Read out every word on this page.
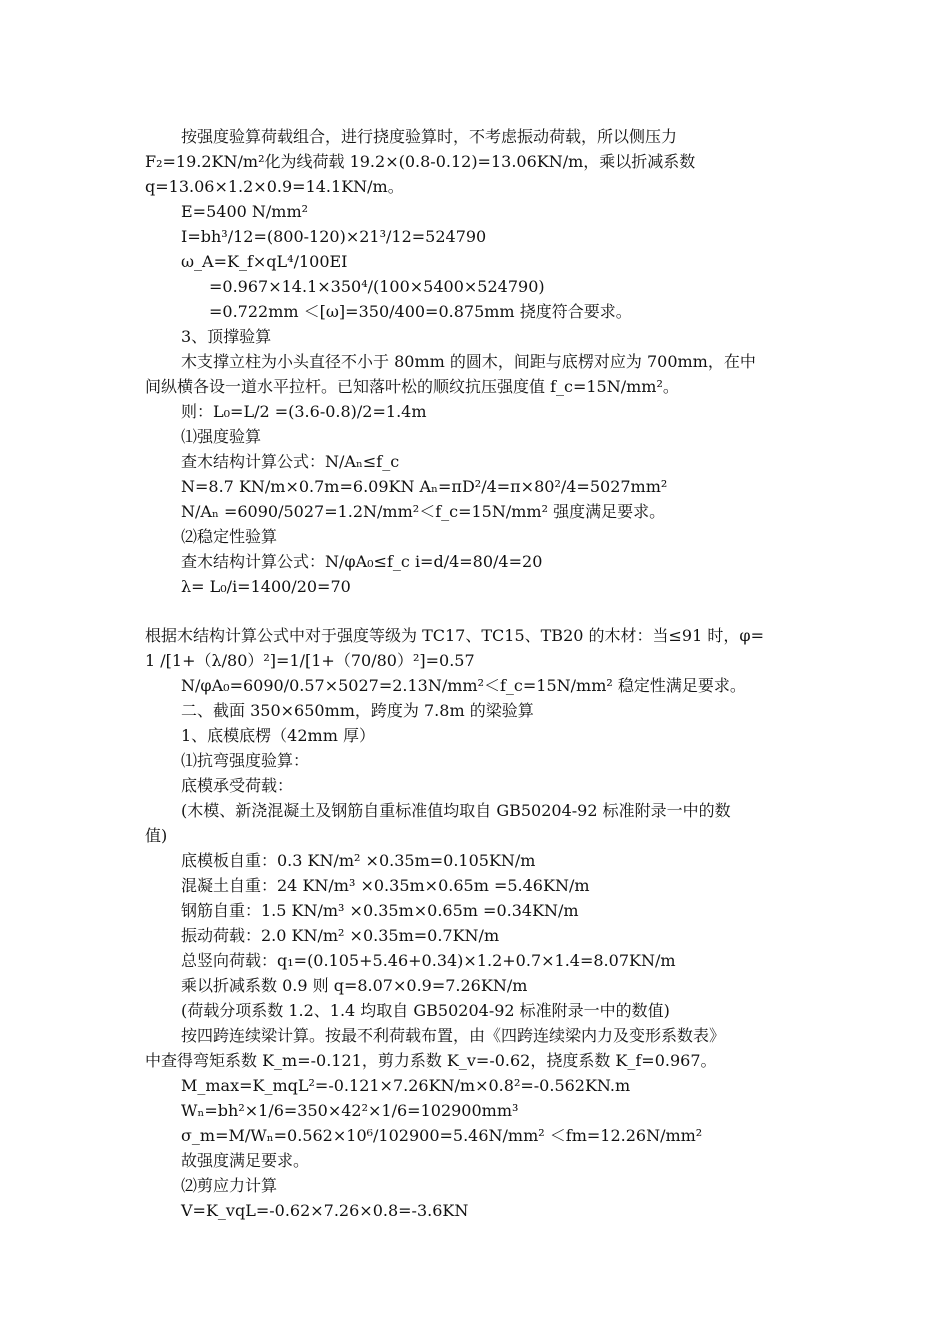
按强度验算荷载组合，进行挠度验算时，不考虑振动荷载，所以侧压力
F₂=19.2KN/m²化为线荷载 19.2×(0.8-0.12)=13.06KN/m，乘以折减系数
q=13.06×1.2×0.9=14.1KN/m。
E=5400 N/mm²
I=bh³/12=(800-120)×21³/12=524790
ω_A=K_f×qL⁴/100EI
=0.967×14.1×350⁴/(100×5400×524790)
=0.722mm ＜[ω]=350/400=0.875mm 挠度符合要求。
3、顶撑验算
木支撑立柱为小头直径不小于 80mm 的圆木，间距与底楞对应为 700mm，在中
间纵横各设一道水平拉杆。已知落叶松的顺纹抗压强度值 f_c=15N/mm²。
则：L₀=L/2 =(3.6-0.8)/2=1.4m
⑴强度验算
查木结构计算公式：N/Aₙ≤f_c
N=8.7 KN/m×0.7m=6.09KN Aₙ=πD²/4=π×80²/4=5027mm²
N/Aₙ =6090/5027=1.2N/mm²＜f_c=15N/mm² 强度满足要求。
⑵稳定性验算
查木结构计算公式：N/φA₀≤f_c i=d/4=80/4=20
λ= L₀/i=1400/20=70
根据木结构计算公式中对于强度等级为 TC17、TC15、TB20 的木材：当≤91 时，φ=
1 /[1+（λ/80）²]=1/[1+（70/80）²]=0.57
N/φA₀=6090/0.57×5027=2.13N/mm²＜f_c=15N/mm² 稳定性满足要求。
二、截面 350×650mm，跨度为 7.8m 的梁验算
1、底模底楞（42mm 厚）
⑴抗弯强度验算：
底模承受荷载：
(木模、新浇混凝土及钢筋自重标准值均取自 GB50204-92 标准附录一中的数
值)
底模板自重：0.3 KN/m² ×0.35m=0.105KN/m
混凝土自重：24 KN/m³ ×0.35m×0.65m =5.46KN/m
钢筋自重：1.5 KN/m³ ×0.35m×0.65m =0.34KN/m
振动荷载：2.0 KN/m² ×0.35m=0.7KN/m
总竖向荷载：q₁=(0.105+5.46+0.34)×1.2+0.7×1.4=8.07KN/m
乘以折减系数 0.9 则 q=8.07×0.9=7.26KN/m
(荷载分项系数 1.2、1.4 均取自 GB50204-92 标准附录一中的数值)
按四跨连续梁计算。按最不利荷载布置，由《四跨连续梁内力及变形系数表》
中查得弯矩系数 K_m=-0.121，剪力系数 K_v=-0.62，挠度系数 K_f=0.967。
M_max=K_mqL²=-0.121×7.26KN/m×0.8²=-0.562KN.m
Wₙ=bh²×1/6=350×42²×1/6=102900mm³
σ_m=M/Wₙ=0.562×10⁶/102900=5.46N/mm² ＜fm=12.26N/mm²
故强度满足要求。
⑵剪应力计算
V=K_vqL=-0.62×7.26×0.8=-3.6KN
